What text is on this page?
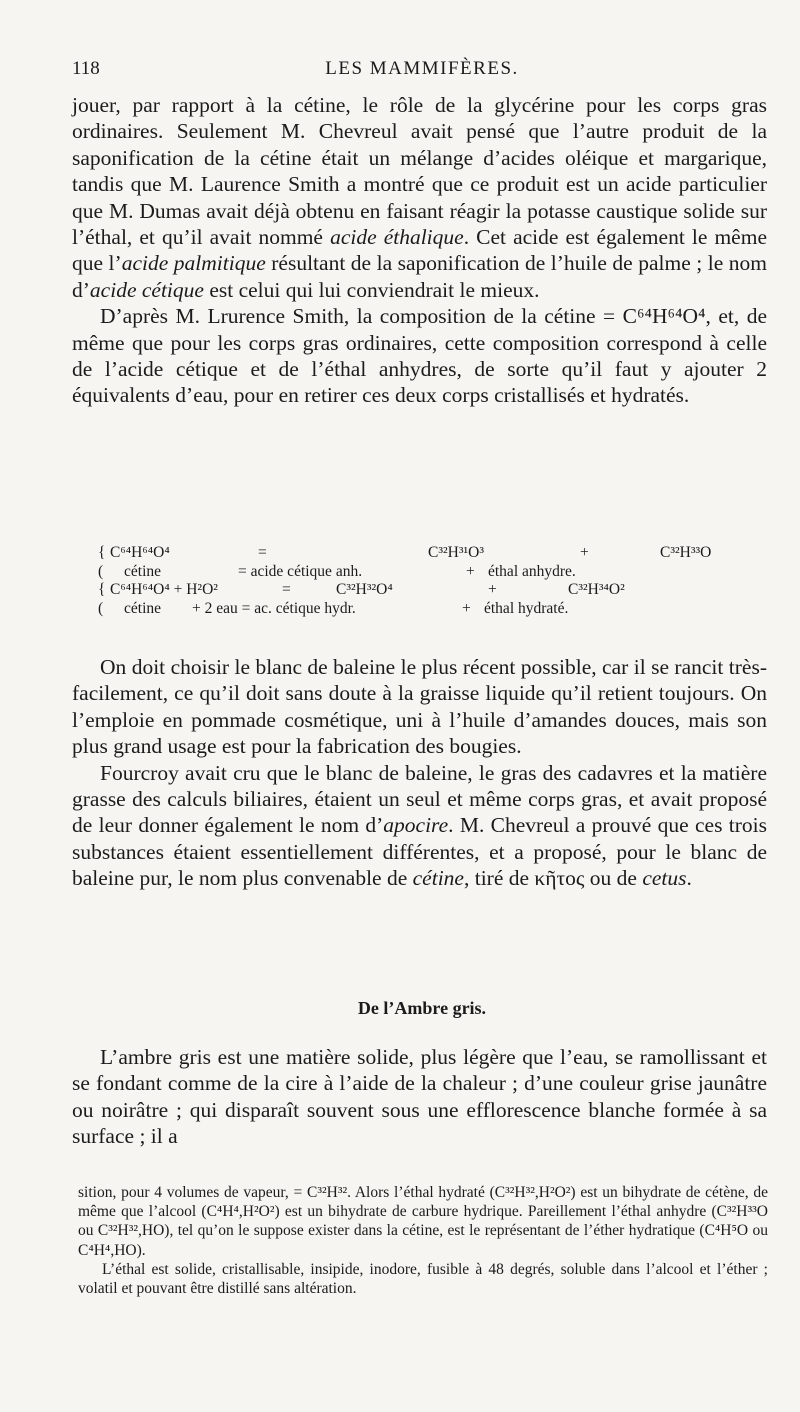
118	LES MAMMIFÈRES.

jouer, par rapport à la cétine, le rôle de la glycérine pour les corps gras ordinaires. Seulement M. Chevreul avait pensé que l’autre produit de la saponification de la cétine était un mélange d’acides oléique et margarique, tandis que M. Laurence Smith a montré que ce produit est un acide particulier que M. Dumas avait déjà obtenu en faisant réagir la potasse caustique solide sur l’éthal, et qu’il avait nommé acide éthalique. Cet acide est également le même que l’acide palmitique résultant de la saponification de l’huile de palme ; le nom d’acide cétique est celui qui lui conviendrait le mieux.

D’après M. Lrurence Smith, la composition de la cétine = C⁶⁴H⁶⁴O⁴, et, de même que pour les corps gras ordinaires, cette composition correspond à celle de l’acide cétique et de l’éthal anhydres, de sorte qu’il faut y ajouter 2 équivalents d’eau, pour en retirer ces deux corps cristallisés et hydratés.

{ C⁶⁴H⁶⁴O⁴	=	C³²H³¹O³	+	C³²H³³O
(	cétine	= acide cétique anh.	+ éthal anhydre.
{ C⁶⁴H⁶⁴O⁴ + H²O²	=	C³²H³²O⁴	+	C³²H³⁴O²
(	cétine	+ 2 eau = ac. cétique hydr.	+ éthal hydraté.

On doit choisir le blanc de baleine le plus récent possible, car il se rancit très-facilement, ce qu’il doit sans doute à la graisse liquide qu’il retient toujours. On l’emploie en pommade cosmétique, uni à l’huile d’amandes douces, mais son plus grand usage est pour la fabrication des bougies.

Fourcroy avait cru que le blanc de baleine, le gras des cadavres et la matière grasse des calculs biliaires, étaient un seul et même corps gras, et avait proposé de leur donner également le nom d’apocire. M. Chevreul a prouvé que ces trois substances étaient essentiellement différentes, et a proposé, pour le blanc de baleine pur, le nom plus convenable de cétine, tiré de κῆτος ou de cetus.

De l’Ambre gris.

L’ambre gris est une matière solide, plus légère que l’eau, se ramollissant et se fondant comme de la cire à l’aide de la chaleur ; d’une couleur grise jaunâtre ou noirâtre ; qui disparaît souvent sous une efflorescence blanche formée à sa surface ; il a

sition, pour 4 volumes de vapeur, = C³²H³². Alors l’éthal hydraté (C³²H³²,H²O²) est un bihydrate de cétène, de même que l’alcool (C⁴H⁴,H²O²) est un bihydrate de carbure hydrique. Pareillement l’éthal anhydre (C³²H³³O ou C³²H³²,HO), tel qu’on le suppose exister dans la cétine, est le représentant de l’éther hydratique (C⁴H⁵O ou C⁴H⁴,HO).

L’éthal est solide, cristallisable, insipide, inodore, fusible à 48 degrés, soluble dans l’alcool et l’éther ; volatil et pouvant être distillé sans altération.
